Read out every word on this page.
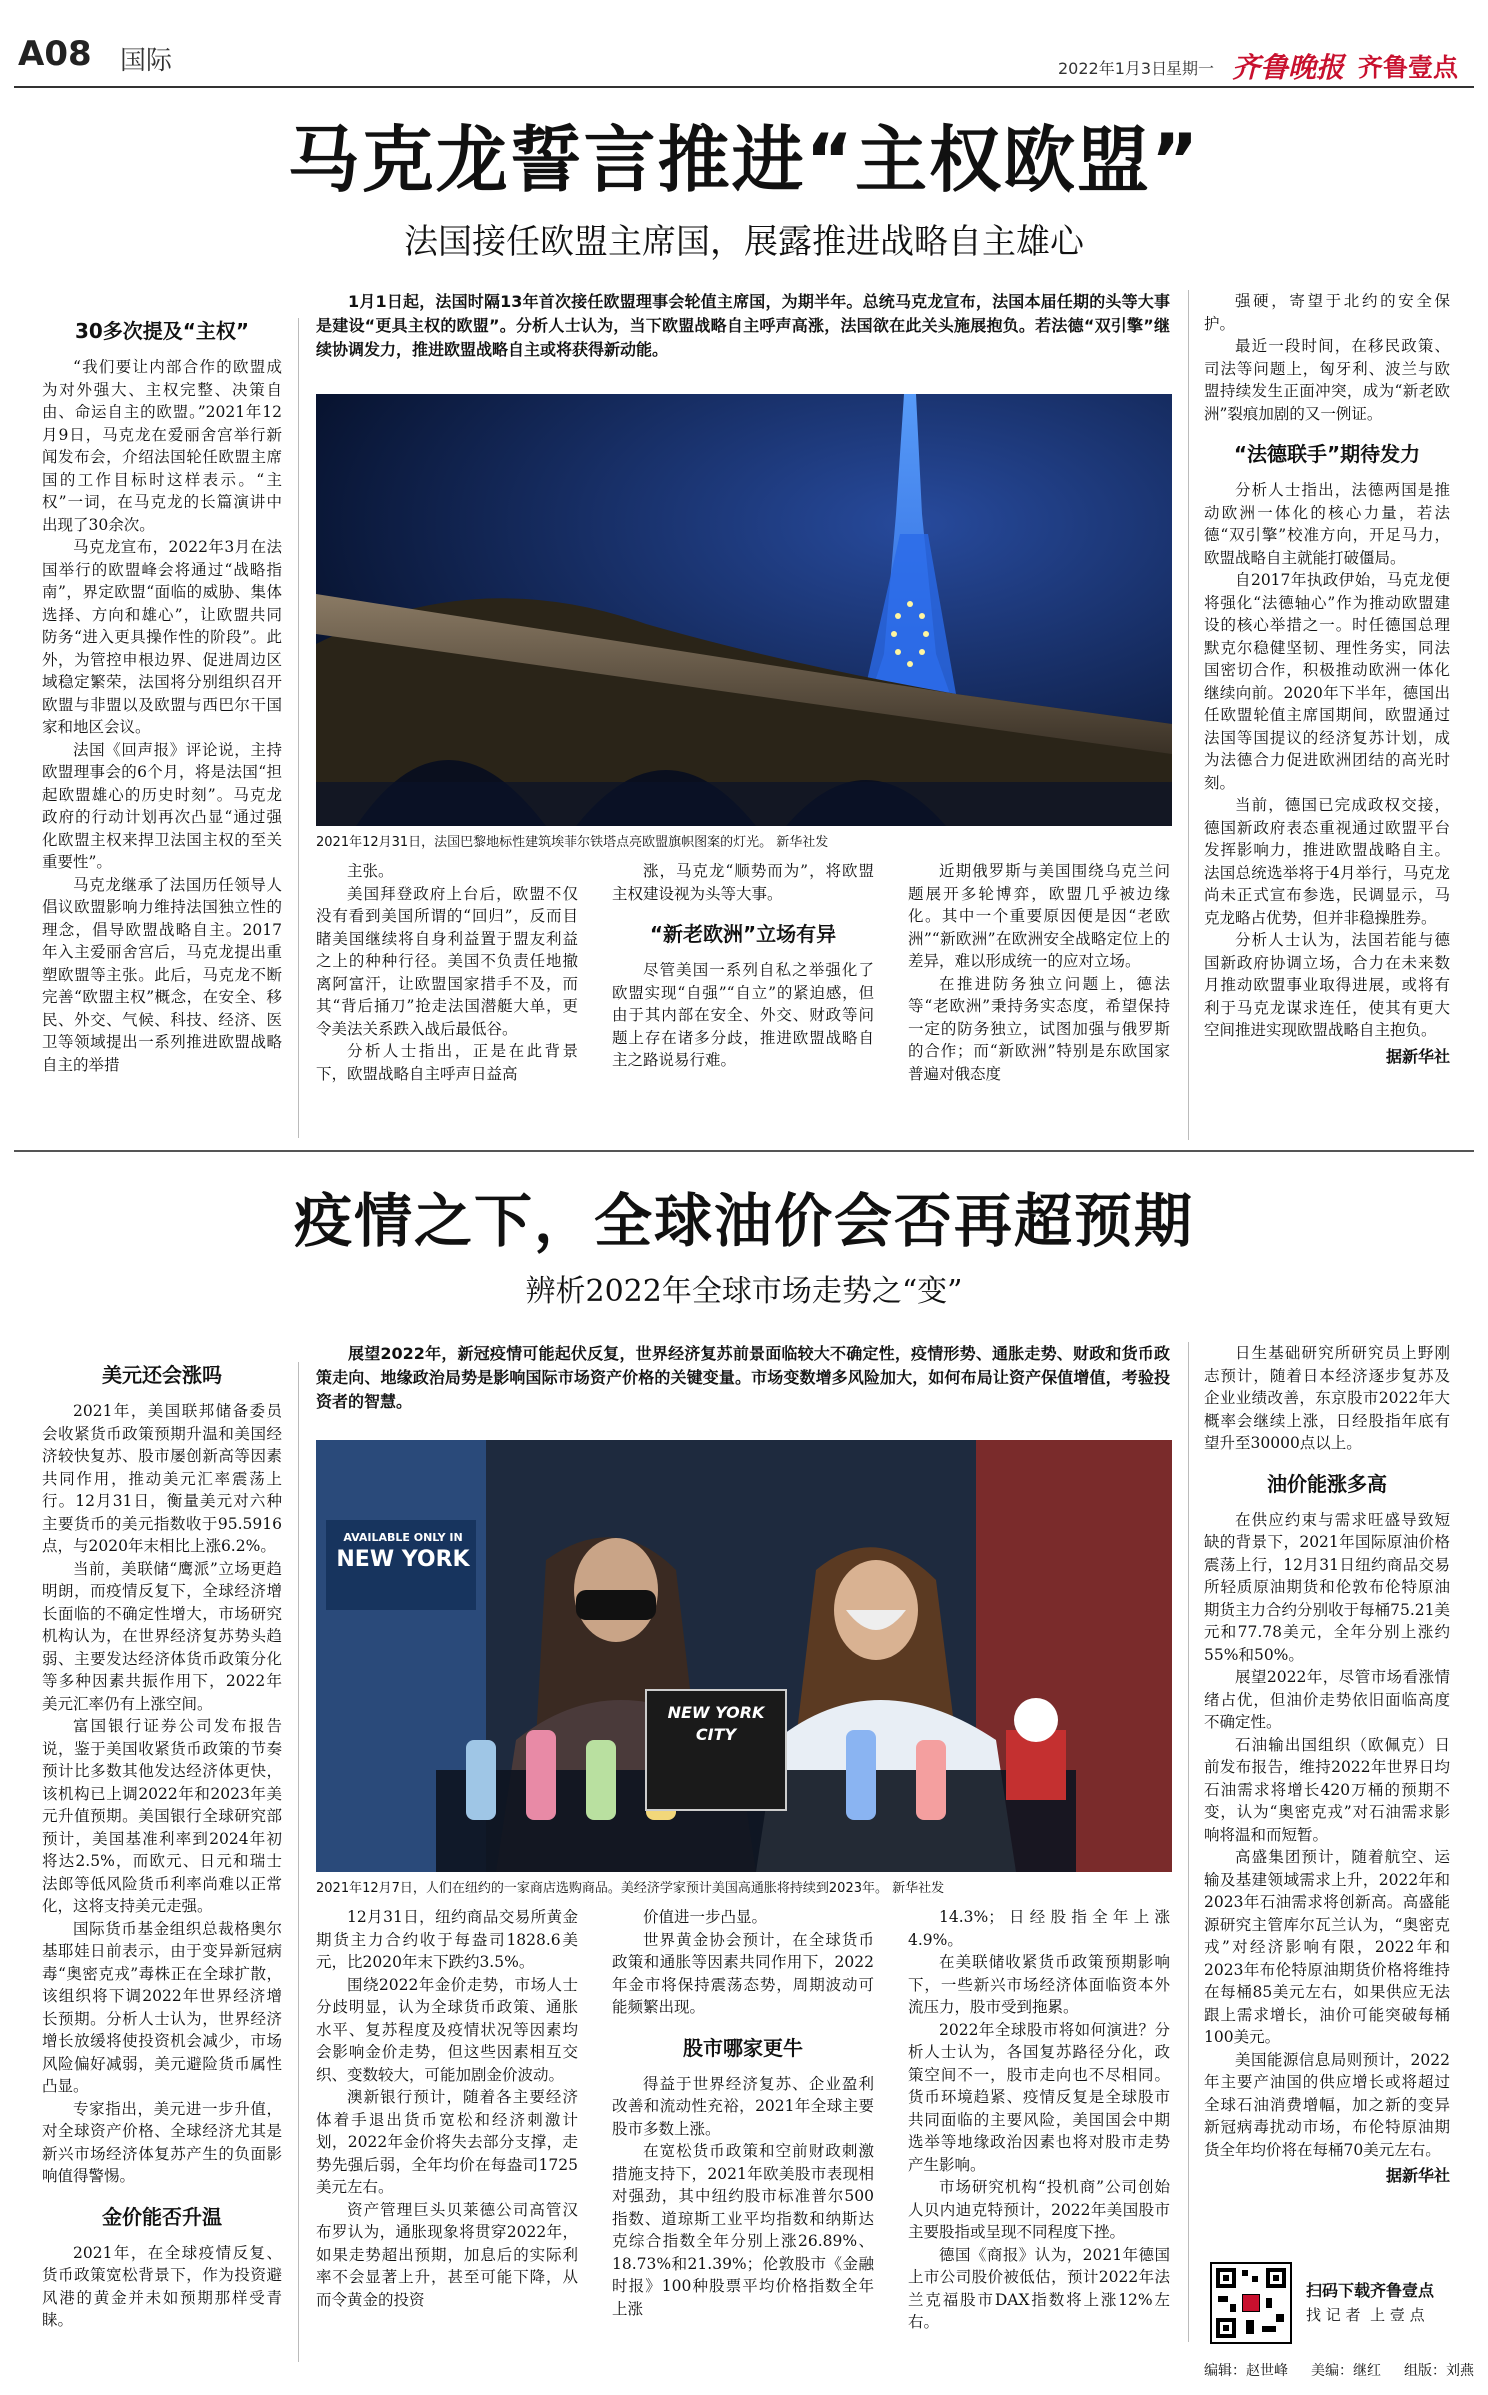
A08 国际	2022年1月3日
星期一 齐鲁晚报 齐鲁壹点
马克龙誓言推进“主权欧盟”
法国接任欧盟主席国，展露推进战略自主雄心
30多次提及“主权”

“我们要让内部合作的欧盟成为对外强大、主权完整、决策自由、命运自主的欧盟。”2021年12月9日，马克龙在爱丽舍宫举行新闻发布会，介绍法国轮任欧盟主席国的工作目标时这样表示。“主权”一词，在马克龙的长篇演讲中出现了30余次。

马克龙宣布，2022年3月在法国举行的欧盟峰会将通过“战略指南”，界定欧盟“面临的威胁、集体选择、方向和雄心”，让欧盟共同防务“进入更具操作性的阶段”。此外，为管控申根边界、促进周边区域稳定繁荣，法国将分别组织召开欧盟与非盟以及欧盟与西巴尔干国家和地区会议。

法国《回声报》评论说，主持欧盟理事会的6个月，将是法国“担起欧盟雄心的历史时刻”。马克龙政府的行动计划再次凸显“通过强化欧盟主权来捍卫法国主权的至关重要性”。

马克龙继承了法国历任领导人倡议欧盟影响力维持法国独立性的理念，倡导欧盟战略自主。2017年入主爱丽舍宫后，马克龙提出重塑欧盟等主张。此后，马克龙不断完善“欧盟主权”概念，在安全、移民、外交、气候、科技、经济、医卫等领域提出一系列推进欧盟战略自主的举措

1月1日起，法国时隔13年首次接任欧盟理事会轮值主席国，为期半年。总统马克龙宣布，法国本届任期的头等大事是建设“更具主权的欧盟”。分析人士认为，当下欧盟战略自主呼声高涨，法国欲在此关头施展抱负。若法德“双引擎”继续协调发力，推进欧盟战略自主或将获得新动能。
2021年12月31日，法国巴黎地标性建筑埃菲尔铁塔点亮欧盟旗帜图案的灯光。 新华社发

主张。

美国拜登政府上台后，欧盟不仅没有看到美国所谓的“回归”，反而目睹美国继续将自身利益置于盟友利益之上的种种行径。美国不负责任地撤离阿富汗，让欧盟国家措手不及，而其“背后捅刀”抢走法国潜艇大单，更令美法关系跌入战后最低谷。

分析人士指出，正是在此背景下，欧盟战略自主呼声日益高

涨，马克龙“顺势而为”，将欧盟主权建设视为头等大事。

“新老欧洲”立场有异

尽管美国一系列自私之举强化了欧盟实现“自强”“自立”的紧迫感，但由于其内部在安全、外交、财政等问题上存在诸多分歧，推进欧盟战略自主之路说易行难。

近期俄罗斯与美国围绕乌克兰问题展开多轮博弈，欧盟几乎被边缘化。其中一个重要原因便是因“老欧洲”“新欧洲”在欧洲安全战略定位上的差异，难以形成统一的应对立场。

在推进防务独立问题上，德法等“老欧洲”秉持务实态度，希望保持一定的防务独立，试图加强与俄罗斯的合作；而“新欧洲”特别是东欧国家普遍对俄态度

强硬，寄望于北约的安全保护。

最近一段时间，在移民政策、司法等问题上，匈牙利、波兰与欧盟持续发生正面冲突，成为“新老欧洲”裂痕加剧的又一例证。

“法德联手”期待发力

分析人士指出，法德两国是推动欧洲一体化的核心力量，若法德“双引擎”校准方向，开足马力，欧盟战略自主就能打破僵局。

自2017年执政伊始，马克龙便将强化“法德轴心”作为推动欧盟建设的核心举措之一。时任德国总理默克尔稳健坚韧、理性务实，同法国密切合作，积极推动欧洲一体化继续向前。2020年下半年，德国出任欧盟轮值主席国期间，欧盟通过法国等国提议的经济复苏计划，成为法德合力促进欧洲团结的高光时刻。

当前，德国已完成政权交接，德国新政府表态重视通过欧盟平台发挥影响力，推进欧盟战略自主。法国总统选举将于4月举行，马克龙尚未正式宣布参选，民调显示，马克龙略占优势，但并非稳操胜券。

分析人士认为，法国若能与德国新政府协调立场，合力在未来数月推动欧盟事业取得进展，或将有利于马克龙谋求连任，使其有更大空间推进实现欧盟战略自主抱负。

据新华社
疫情之下，全球油价会否再超预期
辨析2022年全球市场走势之“变”
美元还会涨吗

2021年，美国联邦储备委员会收紧货币政策预期升温和美国经济较快复苏、股市屡创新高等因素共同作用，推动美元汇率震荡上行。12月31日，衡量美元对六种主要货币的美元指数收于95.5916点，与2020年末相比上涨6.2%。

当前，美联储“鹰派”立场更趋明朗，而疫情反复下，全球经济增长面临的不确定性增大，市场研究机构认为，在世界经济复苏势头趋弱、主要发达经济体货币政策分化等多种因素共振作用下，2022年美元汇率仍有上涨空间。

富国银行证券公司发布报告说，鉴于美国收紧货币政策的节奏预计比多数其他发达经济体更快，该机构已上调2022年和2023年美元升值预期。美国银行全球研究部预计，美国基准利率到2024年初将达2.5%，而欧元、日元和瑞士法郎等低风险货币利率尚难以正常化，这将支持美元走强。

国际货币基金组织总裁格奥尔基耶娃日前表示，由于变异新冠病毒“奥密克戎”毒株正在全球扩散，该组织将下调2022年世界经济增长预期。分析人士认为，世界经济增长放缓将使投资机会减少，市场风险偏好减弱，美元避险货币属性凸显。

专家指出，美元进一步升值，对全球资产价格、全球经济尤其是新兴市场经济体复苏产生的负面影响值得警惕。

金价能否升温

2021年，在全球疫情反复、货币政策宽松背景下，作为投资避风港的黄金并未如预期那样受青睐。

展望2022年，新冠疫情可能起伏反复，世界经济复苏前景面临较大不确定性，疫情形势、通胀走势、财政和货币政策走向、地缘政治局势是影响国际市场资产价格的关键变量。市场变数增多风险加大，如何布局让资产保值增值，考验投资者的智慧。
AVAILABLE ONLY IN
NEW YORK
NEW YORK CITY
2021年12月7日，人们在纽约的一家商店选购商品。美经济学家预计美国高通胀将持续到2023年。 新华社发

12月31日，纽约商品交易所黄金期货主力合约收于每盎司1828.6美元，比2020年末下跌约3.5%。

围绕2022年金价走势，市场人士分歧明显，认为全球货币政策、通胀水平、复苏程度及疫情状况等因素均会影响金价走势，但这些因素相互交织、变数较大，可能加剧金价波动。

澳新银行预计，随着各主要经济体着手退出货币宽松和经济刺激计划，2022年金价将失去部分支撑，走势先强后弱，全年均价在每盎司1725美元左右。

资产管理巨头贝莱德公司高管汉布罗认为，通胀现象将贯穿2022年，如果走势超出预期，加息后的实际利率不会显著上升，甚至可能下降，从而令黄金的投资

价值进一步凸显。

世界黄金协会预计，在全球货币政策和通胀等因素共同作用下，2022年金市将保持震荡态势，周期波动可能频繁出现。

股市哪家更牛

得益于世界经济复苏、企业盈利改善和流动性充裕，2021年全球主要股市多数上涨。

在宽松货币政策和空前财政刺激措施支持下，2021年欧美股市表现相对强劲，其中纽约股市标准普尔500指数、道琼斯工业平均指数和纳斯达克综合指数全年分别上涨26.89%、18.73%和21.39%；伦敦股市《金融时报》100种股票平均价格指数全年上涨

14.3%；日经股指全年上涨4.9%。

在美联储收紧货币政策预期影响下，一些新兴市场经济体面临资本外流压力，股市受到拖累。

2022年全球股市将如何演进？分析人士认为，各国复苏路径分化，政策空间不一，股市走向也不尽相同。货币环境趋紧、疫情反复是全球股市共同面临的主要风险，美国国会中期选举等地缘政治因素也将对股市走势产生影响。

市场研究机构“投机商”公司创始人贝内迪克特预计，2022年美国股市主要股指或呈现不同程度下挫。

德国《商报》认为，2021年德国上市公司股价被低估，预计2022年法兰克福股市DAX指数将上涨12%左右。

日生基础研究所研究员上野刚志预计，随着日本经济逐步复苏及企业业绩改善，东京股市2022年大概率会继续上涨，日经股指年底有望升至30000点以上。

油价能涨多高

在供应约束与需求旺盛导致短缺的背景下，2021年国际原油价格震荡上行，12月31日纽约商品交易所轻质原油期货和伦敦布伦特原油期货主力合约分别收于每桶75.21美元和77.78美元，全年分别上涨约55%和50%。

展望2022年，尽管市场看涨情绪占优，但油价走势依旧面临高度不确定性。

石油输出国组织（欧佩克）日前发布报告，维持2022年世界日均石油需求将增长420万桶的预期不变，认为“奥密克戎”对石油需求影响将温和而短暂。

高盛集团预计，随着航空、运输及基建领域需求上升，2022年和2023年石油需求将创新高。高盛能源研究主管库尔瓦兰认为，“奥密克戎”对经济影响有限，2022年和2023年布伦特原油期货价格将维持在每桶85美元左右，如果供应无法跟上需求增长，油价可能突破每桶100美元。

美国能源信息局则预计，2022年主要产油国的供应增长或将超过全球石油消费增幅，加之新的变异新冠病毒扰动市场，布伦特原油期货全年均价将在每桶70美元左右。

据新华社
扫码下载齐鲁壹点
找 记 者  上 壹 点
编辑：赵世峰 美编：继红 组版：刘燕
